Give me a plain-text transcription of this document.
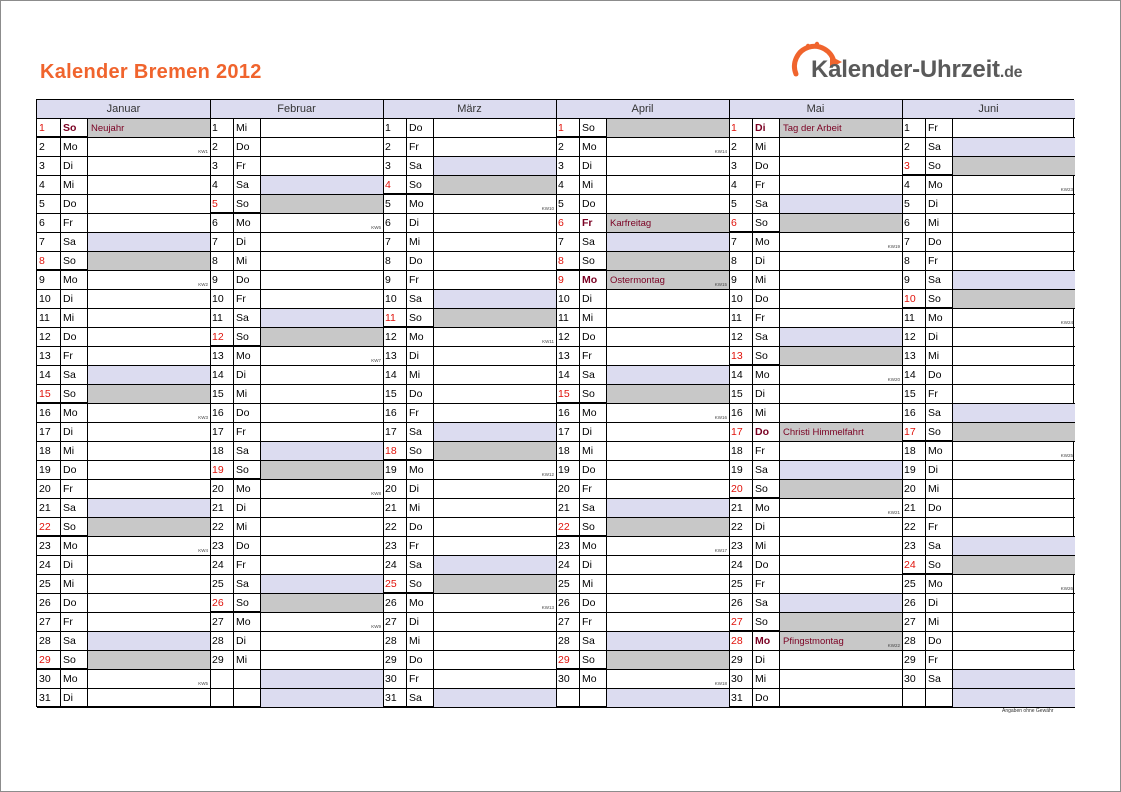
Kalender Bremen 2012	Kalender-Uhrzeit.de
Januar
1	So	Neujahr
2	Mo	KW1
3	Di
4	Mi
5	Do
6	Fr
7	Sa
8	So
9	Mo	KW2
10	Di
11	Mi
12	Do
13	Fr
14	Sa
15	So
16	Mo	KW3
17	Di
18	Mi
19	Do
20	Fr
21	Sa
22	So
23	Mo	KW4
24	Di
25	Mi
26	Do
27	Fr
28	Sa
29	So
30	Mo	KW5
31	Di
Februar
1	Mi
2	Do
3	Fr
4	Sa
5	So
6	Mo	KW6
7	Di
8	Mi
9	Do
10	Fr
11	Sa
12	So
13	Mo	KW7
14	Di
15	Mi
16	Do
17	Fr
18	Sa
19	So
20	Mo	KW8
21	Di
22	Mi
23	Do
24	Fr
25	Sa
26	So
27	Mo	KW9
28	Di
29	Mi
März
1	Do
2	Fr
3	Sa
4	So
5	Mo	KW10
6	Di
7	Mi
8	Do
9	Fr
10	Sa
11	So
12	Mo	KW11
13	Di
14	Mi
15	Do
16	Fr
17	Sa
18	So
19	Mo	KW12
20	Di
21	Mi
22	Do
23	Fr
24	Sa
25	So
26	Mo	KW13
27	Di
28	Mi
29	Do
30	Fr
31	Sa
April
1	So
2	Mo	KW14
3	Di
4	Mi
5	Do
6	Fr	Karfreitag
7	Sa
8	So
9	Mo	Ostermontag	KW15
10	Di
11	Mi
12	Do
13	Fr
14	Sa
15	So
16	Mo	KW16
17	Di
18	Mi
19	Do
20	Fr
21	Sa
22	So
23	Mo	KW17
24	Di
25	Mi
26	Do
27	Fr
28	Sa
29	So
30	Mo	KW18
Mai
1	Di	Tag der Arbeit
2	Mi
3	Do
4	Fr
5	Sa
6	So
7	Mo	KW19
8	Di
9	Mi
10	Do
11	Fr
12	Sa
13	So
14	Mo	KW20
15	Di
16	Mi
17	Do	Christi Himmelfahrt
18	Fr
19	Sa
20	So
21	Mo	KW21
22	Di
23	Mi
24	Do
25	Fr
26	Sa
27	So
28	Mo	Pfingstmontag	KW22
29	Di
30	Mi
31	Do
Juni
1	Fr
2	Sa
3	So
4	Mo	KW23
5	Di
6	Mi
7	Do
8	Fr
9	Sa
10	So
11	Mo	KW24
12	Di
13	Mi
14	Do
15	Fr
16	Sa
17	So
18	Mo	KW25
19	Di
20	Mi
21	Do
22	Fr
23	Sa
24	So
25	Mo	KW26
26	Di
27	Mi
28	Do
29	Fr
30	Sa
Angaben ohne Gewähr
